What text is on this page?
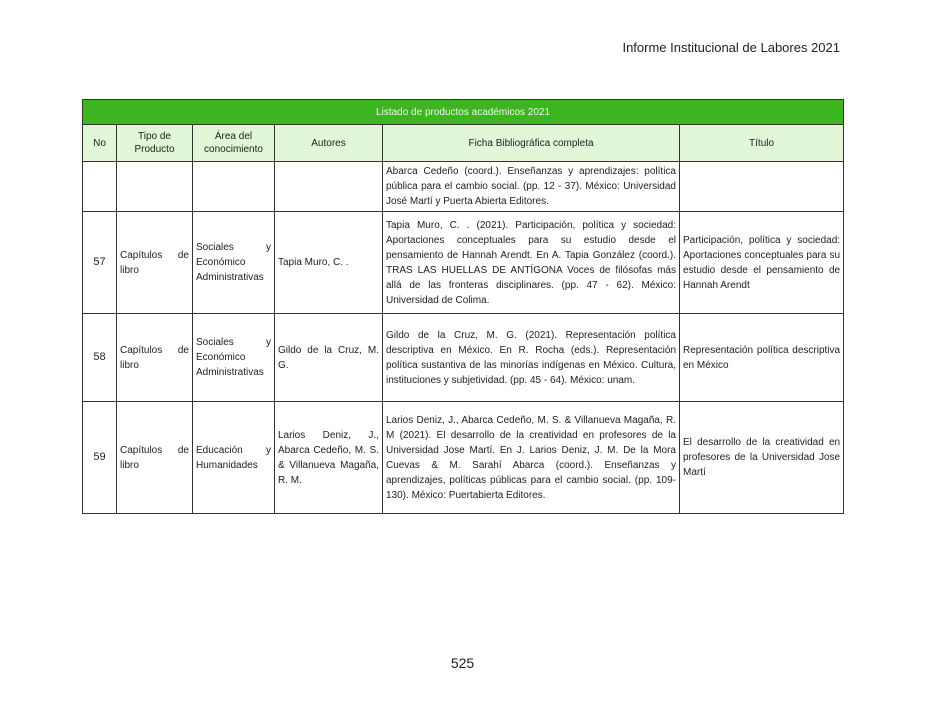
Informe Institucional de Labores 2021
Listado de productos académicos 2021					
No	Tipo de Producto	Área del conocimiento	Autores	Ficha Bibliográfica completa	Título
				Abarca Cedeño (coord.). Enseñanzas y aprendizajes: política pública para el cambio social. (pp. 12 - 37). México: Universidad José Martí y Puerta Abierta Editores.	
57	Capítulos de libro	Sociales y Económico Administrativas	Tapia Muro, C. .	Tapia Muro, C. . (2021). Participación, política y sociedad: Aportaciones conceptuales para su estudio desde el pensamiento de Hannah Arendt. En A. Tapia González (coord.). TRAS LAS HUELLAS DE ANTÍGONA Voces de filósofas más allá de las fronteras disciplinares. (pp. 47 - 62). México: Universidad de Colima.	Participación, política y sociedad: Aportaciones conceptuales para su estudio desde el pensamiento de Hannah Arendt
58	Capítulos de libro	Sociales y Económico Administrativas	Gildo de la Cruz, M. G.	Gildo de la Cruz, M. G. (2021). Representación política descriptiva en México. En R. Rocha (eds.). Representación política sustantiva de las minorías indígenas en México. Cultura, instituciones y subjetividad. (pp. 45 - 64). México: unam.	Representación política descriptiva en México
59	Capítulos de libro	Educación y Humanidades	Larios Deniz, J., Abarca Cedeño, M. S. & Villanueva Magaña, R. M.	Larios Deniz, J., Abarca Cedeño, M. S. & Villanueva Magaña, R. M (2021). El desarrollo de la creatividad en profesores de la Universidad Jose Martí. En J. Larios Deniz, J. M. De la Mora Cuevas & M. Sarahí Abarca (coord.). Enseñanzas y aprendizajes, políticas públicas para el cambio social. (pp. 109-130). México: Puertabierta Editores.	El desarrollo de la creatividad en profesores de la Universidad Jose Martí
525
